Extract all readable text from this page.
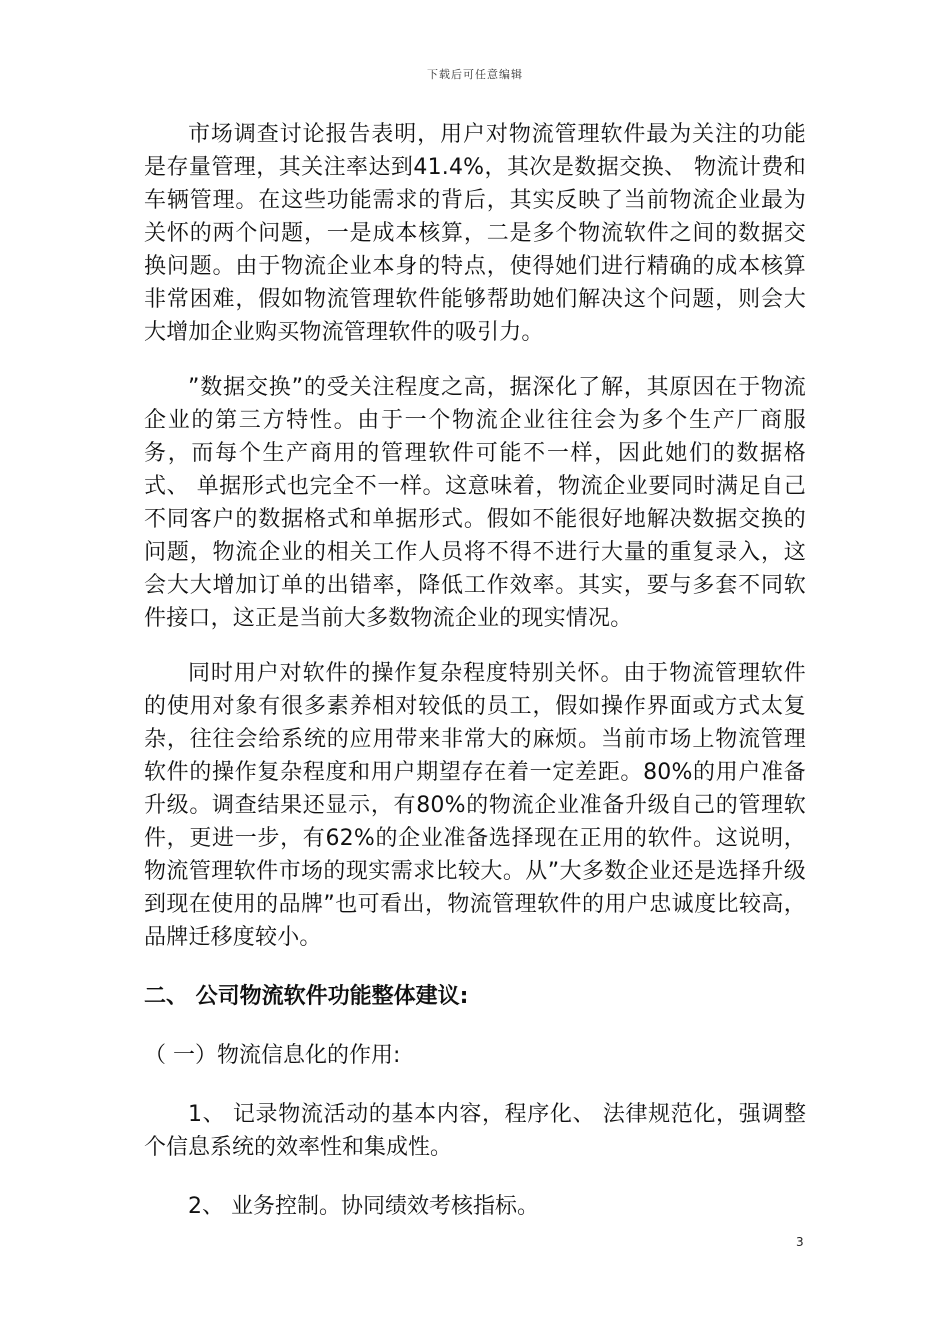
下载后可任意编辑

市场调查讨论报告表明，用户对物流管理软件最为关注的功能是存量管理，其关注率达到41.4%，其次是数据交换、 物流计费和车辆管理。在这些功能需求的背后，其实反映了当前物流企业最为关怀的两个问题，一是成本核算，二是多个物流软件之间的数据交换问题。由于物流企业本身的特点，使得她们进行精确的成本核算非常困难，假如物流管理软件能够帮助她们解决这个问题，则会大大增加企业购买物流管理软件的吸引力。

”数据交换”的受关注程度之高，据深化了解，其原因在于物流企业的第三方特性。由于一个物流企业往往会为多个生产厂商服务，而每个生产商用的管理软件可能不一样，因此她们的数据格式、 单据形式也完全不一样。这意味着，物流企业要同时满足自己不同客户的数据格式和单据形式。假如不能很好地解决数据交换的问题，物流企业的相关工作人员将不得不进行大量的重复录入，这会大大增加订单的出错率，降低工作效率。其实，要与多套不同软件接口，这正是当前大多数物流企业的现实情况。

同时用户对软件的操作复杂程度特别关怀。由于物流管理软件的使用对象有很多素养相对较低的员工，假如操作界面或方式太复杂，往往会给系统的应用带来非常大的麻烦。当前市场上物流管理软件的操作复杂程度和用户期望存在着一定差距。80%的用户准备升级。调查结果还显示，有80%的物流企业准备升级自己的管理软件，更进一步，有62%的企业准备选择现在正用的软件。这说明，物流管理软件市场的现实需求比较大。从”大多数企业还是选择升级到现在使用的品牌”也可看出，物流管理软件的用户忠诚度比较高，品牌迁移度较小。

二、 公司物流软件功能整体建议:
（ 一）物流信息化的作用:
1、 记录物流活动的基本内容，程序化、 法律规范化，强调整个信息系统的效率性和集成性。
2、 业务控制。协同绩效考核指标。
3
